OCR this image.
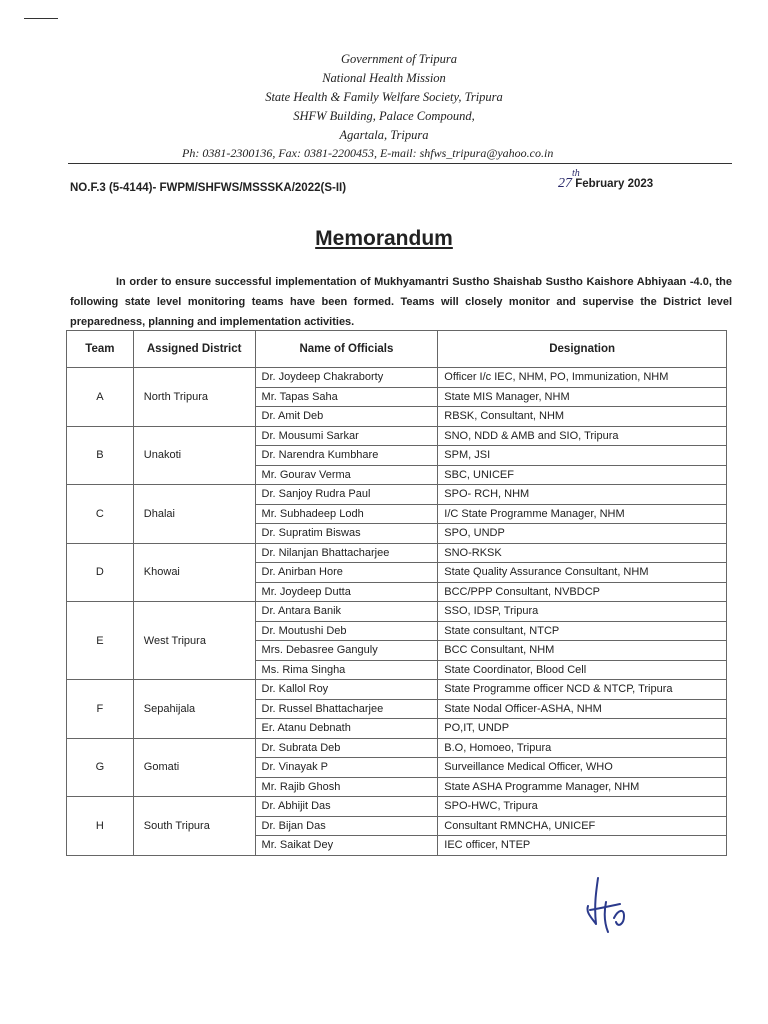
Government of Tripura
National Health Mission
State Health & Family Welfare Society, Tripura
SHFW Building, Palace Compound,
Agartala, Tripura
Ph: 0381-2300136, Fax: 0381-2200453, E-mail: shfws_tripura@yahoo.co.in
NO.F.3 (5-4144)- FWPM/SHFWS/MSSSKA/2022(S-II)
th
27 February 2023
Memorandum
In order to ensure successful implementation of Mukhyamantri Sustho Shaishab Sustho Kaishore Abhiyaan -4.0, the following state level monitoring teams have been formed. Teams will closely monitor and supervise the District level preparedness, planning and implementation activities.
Team	Assigned District	Name of Officials	Designation
A	North Tripura	Dr. Joydeep Chakraborty	Officer I/c IEC, NHM, PO, Immunization, NHM
		Mr. Tapas Saha	State MIS Manager, NHM
		Dr. Amit Deb	RBSK, Consultant, NHM
B	Unakoti	Dr. Mousumi Sarkar	SNO, NDD & AMB and SIO, Tripura
		Dr. Narendra Kumbhare	SPM, JSI
		Mr. Gourav Verma	SBC, UNICEF
C	Dhalai	Dr. Sanjoy Rudra Paul	SPO- RCH, NHM
		Mr. Subhadeep Lodh	I/C State Programme Manager, NHM
		Dr. Supratim Biswas	SPO, UNDP
D	Khowai	Dr. Nilanjan Bhattacharjee	SNO-RKSK
		Dr. Anirban Hore	State Quality Assurance Consultant, NHM
		Mr. Joydeep Dutta	BCC/PPP Consultant, NVBDCP
E	West Tripura	Dr. Antara Banik	SSO, IDSP, Tripura
		Dr. Moutushi Deb	State consultant, NTCP
		Mrs. Debasree Ganguly	BCC Consultant, NHM
		Ms. Rima Singha	State Coordinator, Blood Cell
F	Sepahijala	Dr. Kallol Roy	State Programme officer NCD & NTCP, Tripura
		Dr. Russel Bhattacharjee	State Nodal Officer-ASHA, NHM
		Er. Atanu Debnath	PO,IT, UNDP
G	Gomati	Dr. Subrata Deb	B.O, Homoeo, Tripura
		Dr. Vinayak P	Surveillance Medical Officer, WHO
		Mr. Rajib Ghosh	State ASHA Programme Manager, NHM
H	South Tripura	Dr. Abhijit Das	SPO-HWC, Tripura
		Dr. Bijan Das	Consultant RMNCHA, UNICEF
		Mr. Saikat Dey	IEC officer, NTEP
